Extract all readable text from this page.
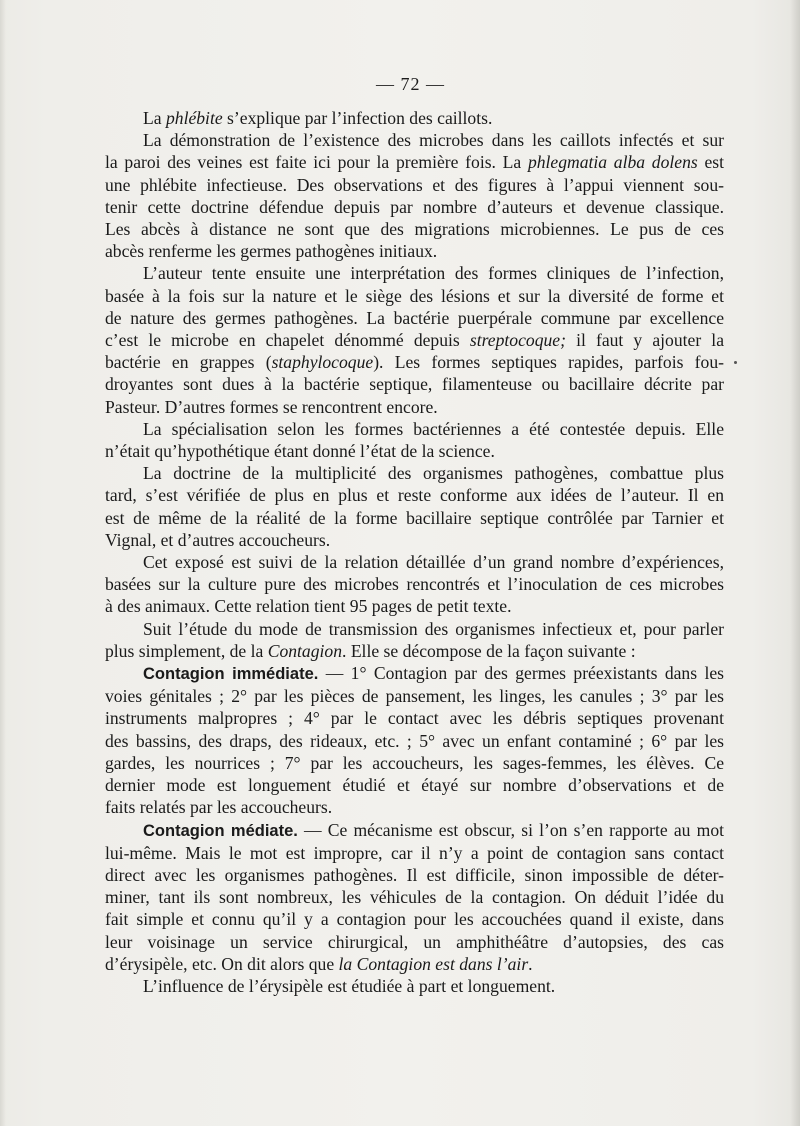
— 72 —
La phlébite s’explique par l’infection des caillots.
La démonstration de l’existence des microbes dans les caillots infectés et sur
la paroi des veines est faite ici pour la première fois. La phlegmatia alba dolens est
une phlébite infectieuse. Des observations et des figures à l’appui viennent sou-
tenir cette doctrine défendue depuis par nombre d’auteurs et devenue classique.
Les abcès à distance ne sont que des migrations microbiennes. Le pus de ces
abcès renferme les germes pathogènes initiaux.
L’auteur tente ensuite une interprétation des formes cliniques de l’infection,
basée à la fois sur la nature et le siège des lésions et sur la diversité de forme et
de nature des germes pathogènes. La bactérie puerpérale commune par excellence
c’est le microbe en chapelet dénommé depuis streptocoque; il faut y ajouter la
bactérie en grappes (staphylocoque). Les formes septiques rapides, parfois fou-
droyantes sont dues à la bactérie septique, filamenteuse ou bacillaire décrite par
Pasteur. D’autres formes se rencontrent encore.
La spécialisation selon les formes bactériennes a été contestée depuis. Elle
n’était qu’hypothétique étant donné l’état de la science.
La doctrine de la multiplicité des organismes pathogènes, combattue plus
tard, s’est vérifiée de plus en plus et reste conforme aux idées de l’auteur. Il en
est de même de la réalité de la forme bacillaire septique contrôlée par Tarnier et
Vignal, et d’autres accoucheurs.
Cet exposé est suivi de la relation détaillée d’un grand nombre d’expériences,
basées sur la culture pure des microbes rencontrés et l’inoculation de ces microbes
à des animaux. Cette relation tient 95 pages de petit texte.
Suit l’étude du mode de transmission des organismes infectieux et, pour parler
plus simplement, de la Contagion. Elle se décompose de la façon suivante :
Contagion immédiate. — 1° Contagion par des germes préexistants dans les
voies génitales ; 2° par les pièces de pansement, les linges, les canules ; 3° par les
instruments malpropres ; 4° par le contact avec les débris septiques provenant
des bassins, des draps, des rideaux, etc. ; 5° avec un enfant contaminé ; 6° par les
gardes, les nourrices ; 7° par les accoucheurs, les sages-femmes, les élèves. Ce
dernier mode est longuement étudié et étayé sur nombre d’observations et de
faits relatés par les accoucheurs.
Contagion médiate. — Ce mécanisme est obscur, si l’on s’en rapporte au mot
lui-même. Mais le mot est impropre, car il n’y a point de contagion sans contact
direct avec les organismes pathogènes. Il est difficile, sinon impossible de déter-
miner, tant ils sont nombreux, les véhicules de la contagion. On déduit l’idée du
fait simple et connu qu’il y a contagion pour les accouchées quand il existe, dans
leur voisinage un service chirurgical, un amphithéâtre d’autopsies, des cas
d’érysipèle, etc. On dit alors que la Contagion est dans l’air.
L’influence de l’érysipèle est étudiée à part et longuement.
